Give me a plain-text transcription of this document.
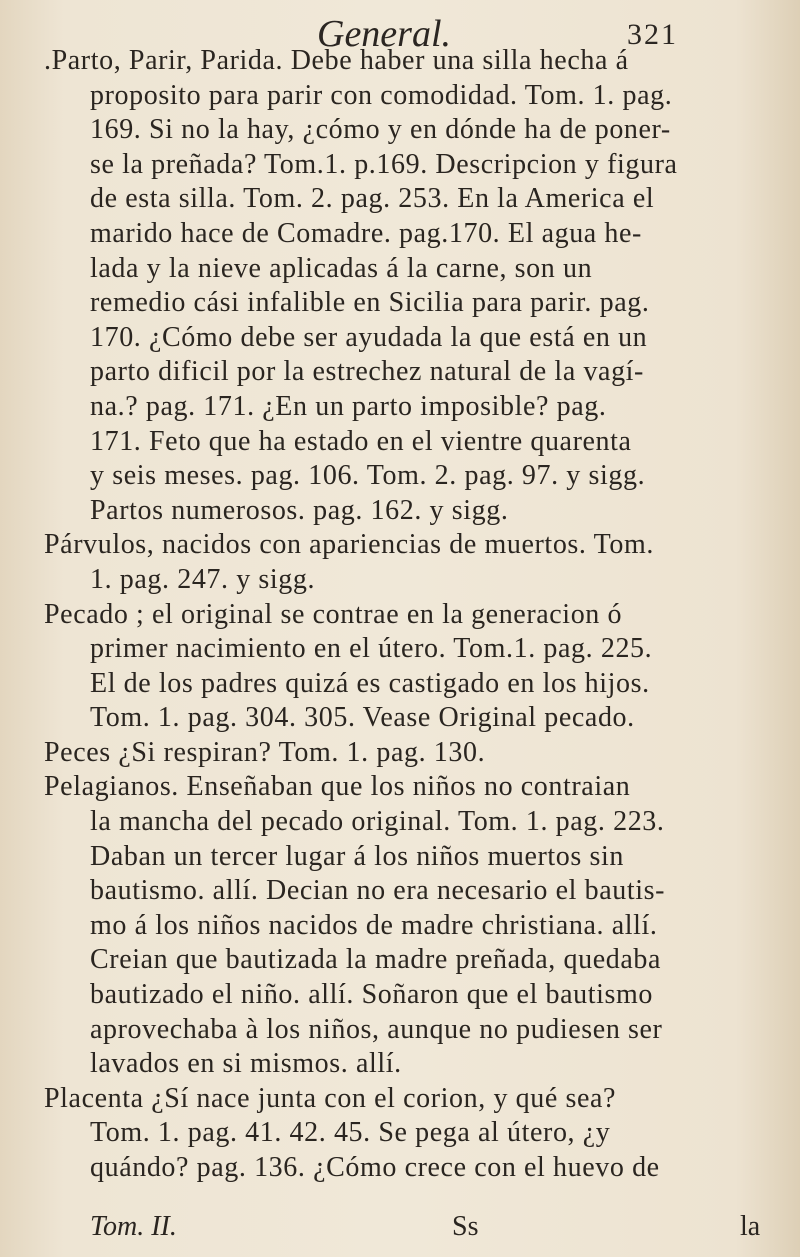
General.	321
.Parto, Parir, Parida. Debe haber una silla hecha á
proposito para parir con comodidad. Tom. 1. pag.
169. Si no la hay, ¿cómo y en dónde ha de poner-
se la preñada? Tom.1. p.169. Descripcion y figura
de esta silla. Tom. 2. pag. 253. En la America el
marido hace de Comadre. pag.170. El agua he-
lada y la nieve aplicadas á la carne, son un
remedio cási infalible en Sicilia para parir. pag.
170. ¿Cómo debe ser ayudada la que está en un
parto dificil por la estrechez natural de la vagí-
na.? pag. 171. ¿En un parto imposible? pag.
171. Feto que ha estado en el vientre quarenta
y seis meses. pag. 106. Tom. 2. pag. 97. y sigg.
Partos numerosos. pag. 162. y sigg.
Párvulos, nacidos con apariencias de muertos. Tom.
1. pag. 247. y sigg.
Pecado ; el original se contrae en la generacion ó
primer nacimiento en el útero. Tom.1. pag. 225.
El de los padres quizá es castigado en los hijos.
Tom. 1. pag. 304. 305. Vease Original pecado.
Peces ¿Si respiran? Tom. 1. pag. 130.
Pelagianos. Enseñaban que los niños no contraian
la mancha del pecado original. Tom. 1. pag. 223.
Daban un tercer lugar á los niños muertos sin
bautismo. allí. Decian no era necesario el bautis-
mo á los niños nacidos de madre christiana. allí.
Creian que bautizada la madre preñada, quedaba
bautizado el niño. allí. Soñaron que el bautismo
aprovechaba à los niños, aunque no pudiesen ser
lavados en si mismos. allí.
Placenta ¿Sí nace junta con el corion, y qué sea?
Tom. 1. pag. 41. 42. 45. Se pega al útero, ¿y
quándo? pag. 136. ¿Cómo crece con el huevo de
Tom. II.	Ss	la
